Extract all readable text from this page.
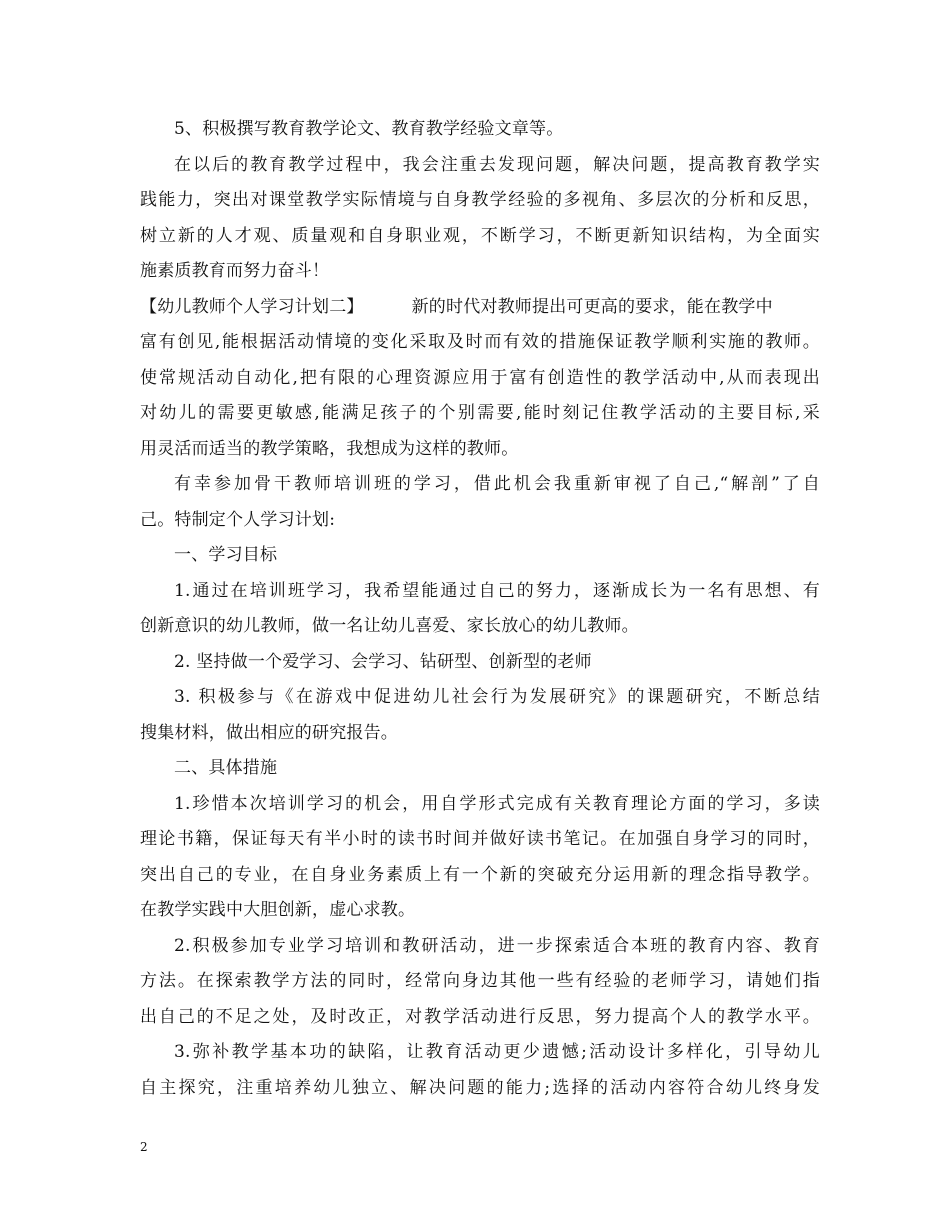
5、积极撰写教育教学论文、教育教学经验文章等。
在以后的教育教学过程中，我会注重去发现问题，解决问题，提高教育教学实
践能力，突出对课堂教学实际情境与自身教学经验的多视角、多层次的分析和反思，
树立新的人才观、质量观和自身职业观，不断学习，不断更新知识结构，为全面实
施素质教育而努力奋斗！
【幼儿教师个人学习计划二】	新的时代对教师提出可更高的要求，能在教学中
富有创见,能根据活动情境的变化采取及时而有效的措施保证教学顺利实施的教师。
使常规活动自动化,把有限的心理资源应用于富有创造性的教学活动中,从而表现出
对幼儿的需要更敏感,能满足孩子的个别需要,能时刻记住教学活动的主要目标,采
用灵活而适当的教学策略，我想成为这样的教师。
有幸参加骨干教师培训班的学习，借此机会我重新审视了自己,“解剖”了自
己。特制定个人学习计划:
一、学习目标
1.通过在培训班学习，我希望能通过自己的努力，逐渐成长为一名有思想、有
创新意识的幼儿教师，做一名让幼儿喜爱、家长放心的幼儿教师。
2. 坚持做一个爱学习、会学习、钻研型、创新型的老师
3. 积极参与《在游戏中促进幼儿社会行为发展研究》的课题研究，不断总结
搜集材料，做出相应的研究报告。
二、具体措施
1.珍惜本次培训学习的机会，用自学形式完成有关教育理论方面的学习，多读
理论书籍，保证每天有半小时的读书时间并做好读书笔记。在加强自身学习的同时，
突出自己的专业，在自身业务素质上有一个新的突破充分运用新的理念指导教学。
在教学实践中大胆创新，虚心求教。
2.积极参加专业学习培训和教研活动，进一步探索适合本班的教育内容、教育
方法。在探索教学方法的同时，经常向身边其他一些有经验的老师学习，请她们指
出自己的不足之处，及时改正，对教学活动进行反思，努力提高个人的教学水平。
3.弥补教学基本功的缺陷，让教育活动更少遗憾;活动设计多样化，引导幼儿
自主探究，注重培养幼儿独立、解决问题的能力;选择的活动内容符合幼儿终身发
2
